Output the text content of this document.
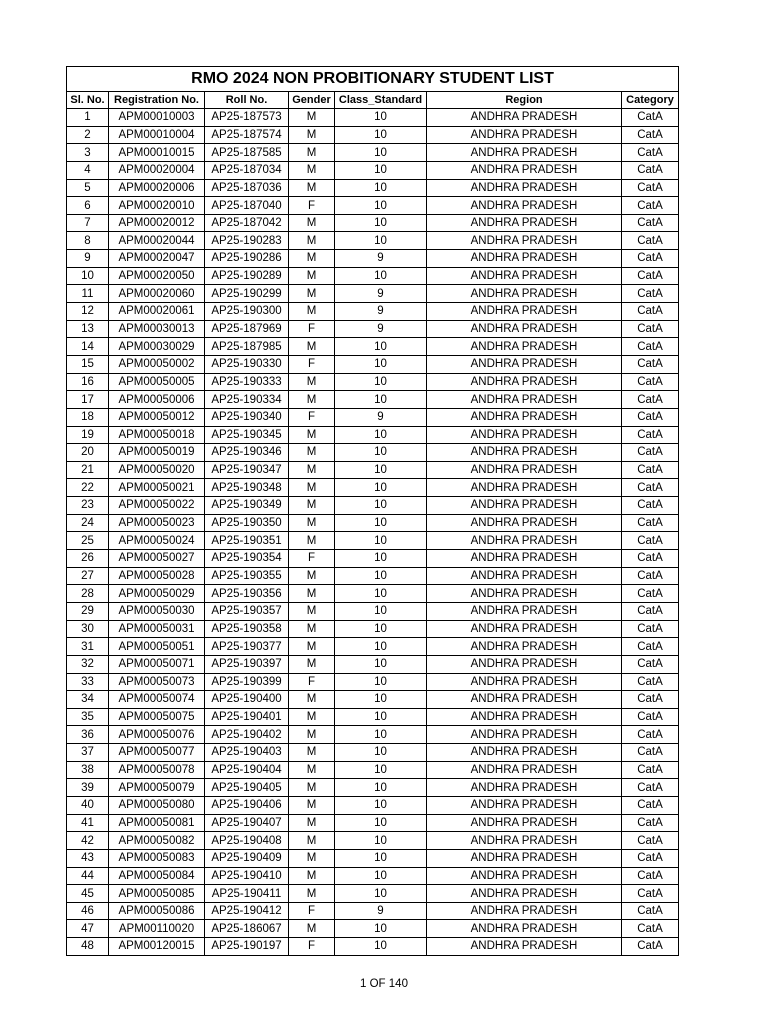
RMO 2024 NON PROBITIONARY STUDENT LIST						
Sl. No.	Registration No.	Roll No.	Gender	Class_Standard	Region	Category
1	APM00010003	AP25-187573	M	10	ANDHRA PRADESH	CatA
2	APM00010004	AP25-187574	M	10	ANDHRA PRADESH	CatA
3	APM00010015	AP25-187585	M	10	ANDHRA PRADESH	CatA
4	APM00020004	AP25-187034	M	10	ANDHRA PRADESH	CatA
5	APM00020006	AP25-187036	M	10	ANDHRA PRADESH	CatA
6	APM00020010	AP25-187040	F	10	ANDHRA PRADESH	CatA
7	APM00020012	AP25-187042	M	10	ANDHRA PRADESH	CatA
8	APM00020044	AP25-190283	M	10	ANDHRA PRADESH	CatA
9	APM00020047	AP25-190286	M	9	ANDHRA PRADESH	CatA
10	APM00020050	AP25-190289	M	10	ANDHRA PRADESH	CatA
11	APM00020060	AP25-190299	M	9	ANDHRA PRADESH	CatA
12	APM00020061	AP25-190300	M	9	ANDHRA PRADESH	CatA
13	APM00030013	AP25-187969	F	9	ANDHRA PRADESH	CatA
14	APM00030029	AP25-187985	M	10	ANDHRA PRADESH	CatA
15	APM00050002	AP25-190330	F	10	ANDHRA PRADESH	CatA
16	APM00050005	AP25-190333	M	10	ANDHRA PRADESH	CatA
17	APM00050006	AP25-190334	M	10	ANDHRA PRADESH	CatA
18	APM00050012	AP25-190340	F	9	ANDHRA PRADESH	CatA
19	APM00050018	AP25-190345	M	10	ANDHRA PRADESH	CatA
20	APM00050019	AP25-190346	M	10	ANDHRA PRADESH	CatA
21	APM00050020	AP25-190347	M	10	ANDHRA PRADESH	CatA
22	APM00050021	AP25-190348	M	10	ANDHRA PRADESH	CatA
23	APM00050022	AP25-190349	M	10	ANDHRA PRADESH	CatA
24	APM00050023	AP25-190350	M	10	ANDHRA PRADESH	CatA
25	APM00050024	AP25-190351	M	10	ANDHRA PRADESH	CatA
26	APM00050027	AP25-190354	F	10	ANDHRA PRADESH	CatA
27	APM00050028	AP25-190355	M	10	ANDHRA PRADESH	CatA
28	APM00050029	AP25-190356	M	10	ANDHRA PRADESH	CatA
29	APM00050030	AP25-190357	M	10	ANDHRA PRADESH	CatA
30	APM00050031	AP25-190358	M	10	ANDHRA PRADESH	CatA
31	APM00050051	AP25-190377	M	10	ANDHRA PRADESH	CatA
32	APM00050071	AP25-190397	M	10	ANDHRA PRADESH	CatA
33	APM00050073	AP25-190399	F	10	ANDHRA PRADESH	CatA
34	APM00050074	AP25-190400	M	10	ANDHRA PRADESH	CatA
35	APM00050075	AP25-190401	M	10	ANDHRA PRADESH	CatA
36	APM00050076	AP25-190402	M	10	ANDHRA PRADESH	CatA
37	APM00050077	AP25-190403	M	10	ANDHRA PRADESH	CatA
38	APM00050078	AP25-190404	M	10	ANDHRA PRADESH	CatA
39	APM00050079	AP25-190405	M	10	ANDHRA PRADESH	CatA
40	APM00050080	AP25-190406	M	10	ANDHRA PRADESH	CatA
41	APM00050081	AP25-190407	M	10	ANDHRA PRADESH	CatA
42	APM00050082	AP25-190408	M	10	ANDHRA PRADESH	CatA
43	APM00050083	AP25-190409	M	10	ANDHRA PRADESH	CatA
44	APM00050084	AP25-190410	M	10	ANDHRA PRADESH	CatA
45	APM00050085	AP25-190411	M	10	ANDHRA PRADESH	CatA
46	APM00050086	AP25-190412	F	9	ANDHRA PRADESH	CatA
47	APM00110020	AP25-186067	M	10	ANDHRA PRADESH	CatA
48	APM00120015	AP25-190197	F	10	ANDHRA PRADESH	CatA
1 OF 140
